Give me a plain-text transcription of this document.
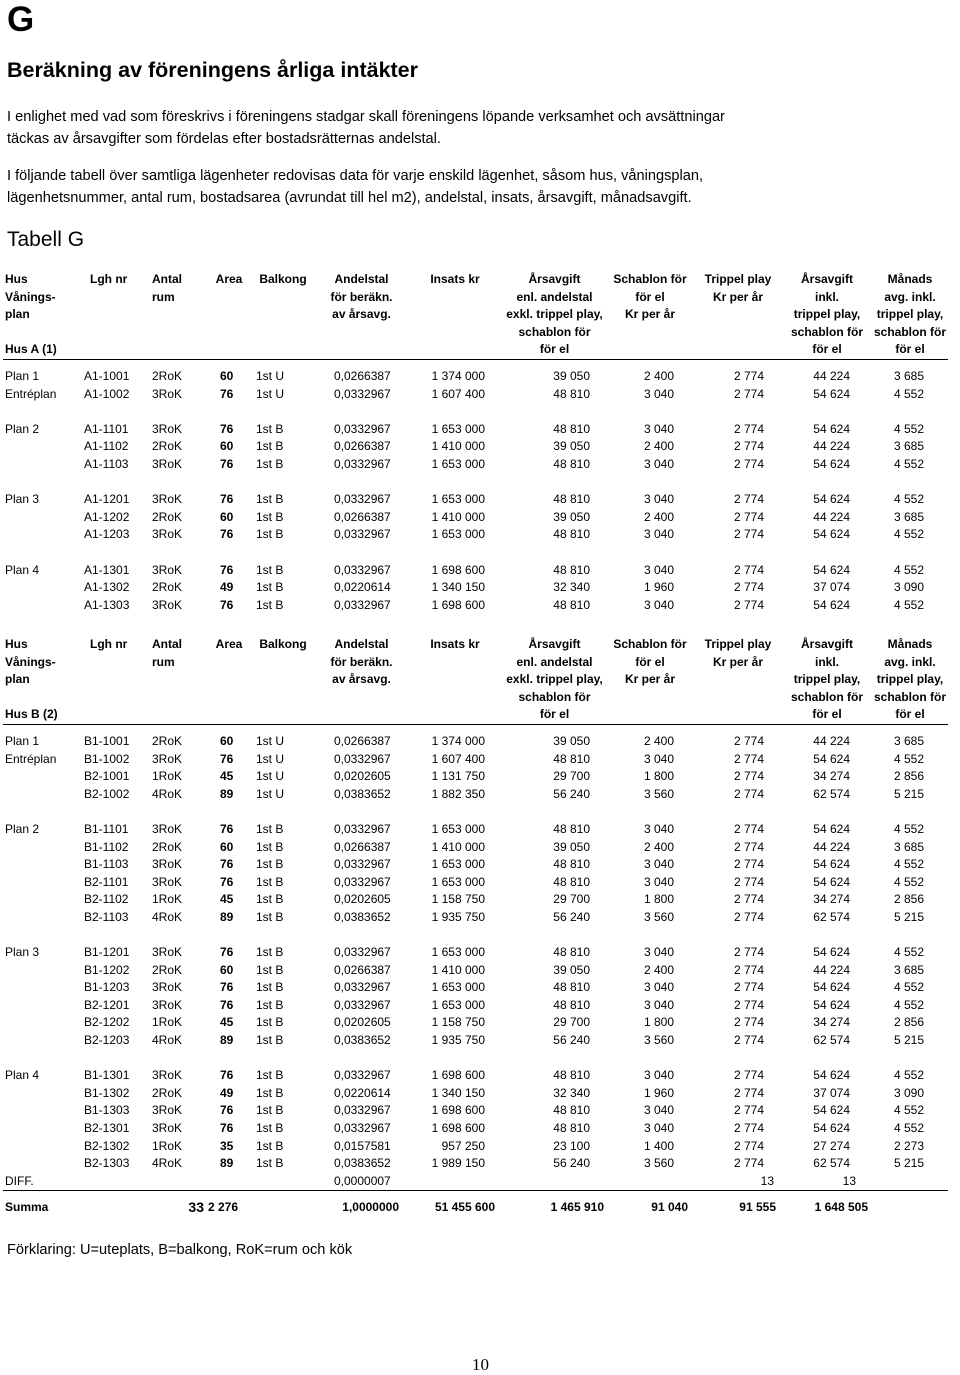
G
Beräkning av föreningens årliga intäkter
I enlighet med vad som föreskrivs i föreningens stadgar skall föreningens löpande verksamhet och avsättningar
täckas av årsavgifter som fördelas efter bostadsrätternas andelstal.
I följande tabell över samtliga lägenheter redovisas data för varje enskild lägenhet, såsom hus, våningsplan,
lägenhetsnummer, antal rum, bostadsarea (avrundat till hel m2), andelstal, insats, årsavgift, månadsavgift.
Tabell G
Hus	Lgh nr	Antal	Area	Balkong	Andelstal	Insats kr	Årsavgift	Schablon för	Trippel play	Årsavgift	Månads
Vånings-		rum			för beräkn.		enl. andelstal	för el	Kr per år	inkl.	avg. inkl.
plan					av årsavg.		exkl. trippel play,	Kr per år		trippel play,	trippel play,
							schablon för			schablon för	schablon för
Hus A (1)							för el			för el	för el

Plan 1	A1-1001	2RoK	60	1st U	0,0266387	1 374 000	39 050	2 400	2 774	44 224	3 685
Entréplan	A1-1002	3RoK	76	1st U	0,0332967	1 607 400	48 810	3 040	2 774	54 624	4 552

Plan 2	A1-1101	3RoK	76	1st B	0,0332967	1 653 000	48 810	3 040	2 774	54 624	4 552
	A1-1102	2RoK	60	1st B	0,0266387	1 410 000	39 050	2 400	2 774	44 224	3 685
	A1-1103	3RoK	76	1st B	0,0332967	1 653 000	48 810	3 040	2 774	54 624	4 552

Plan 3	A1-1201	3RoK	76	1st B	0,0332967	1 653 000	48 810	3 040	2 774	54 624	4 552
	A1-1202	2RoK	60	1st B	0,0266387	1 410 000	39 050	2 400	2 774	44 224	3 685
	A1-1203	3RoK	76	1st B	0,0332967	1 653 000	48 810	3 040	2 774	54 624	4 552

Plan 4	A1-1301	3RoK	76	1st B	0,0332967	1 698 600	48 810	3 040	2 774	54 624	4 552
	A1-1302	2RoK	49	1st B	0,0220614	1 340 150	32 340	1 960	2 774	37 074	3 090
	A1-1303	3RoK	76	1st B	0,0332967	1 698 600	48 810	3 040	2 774	54 624	4 552
Hus	Lgh nr	Antal	Area	Balkong	Andelstal	Insats kr	Årsavgift	Schablon för	Trippel play	Årsavgift	Månads
Vånings-		rum			för beräkn.		enl. andelstal	för el	Kr per år	inkl.	avg. inkl.
plan					av årsavg.		exkl. trippel play,	Kr per år		trippel play,	trippel play,
							schablon för			schablon för	schablon för
Hus B (2)							för el			för el	för el

Plan 1	B1-1001	2RoK	60	1st U	0,0266387	1 374 000	39 050	2 400	2 774	44 224	3 685
Entréplan	B1-1002	3RoK	76	1st U	0,0332967	1 607 400	48 810	3 040	2 774	54 624	4 552
	B2-1001	1RoK	45	1st U	0,0202605	1 131 750	29 700	1 800	2 774	34 274	2 856
	B2-1002	4RoK	89	1st U	0,0383652	1 882 350	56 240	3 560	2 774	62 574	5 215

Plan 2	B1-1101	3RoK	76	1st B	0,0332967	1 653 000	48 810	3 040	2 774	54 624	4 552
	B1-1102	2RoK	60	1st B	0,0266387	1 410 000	39 050	2 400	2 774	44 224	3 685
	B1-1103	3RoK	76	1st B	0,0332967	1 653 000	48 810	3 040	2 774	54 624	4 552
	B2-1101	3RoK	76	1st B	0,0332967	1 653 000	48 810	3 040	2 774	54 624	4 552
	B2-1102	1RoK	45	1st B	0,0202605	1 158 750	29 700	1 800	2 774	34 274	2 856
	B2-1103	4RoK	89	1st B	0,0383652	1 935 750	56 240	3 560	2 774	62 574	5 215

Plan 3	B1-1201	3RoK	76	1st B	0,0332967	1 653 000	48 810	3 040	2 774	54 624	4 552
	B1-1202	2RoK	60	1st B	0,0266387	1 410 000	39 050	2 400	2 774	44 224	3 685
	B1-1203	3RoK	76	1st B	0,0332967	1 653 000	48 810	3 040	2 774	54 624	4 552
	B2-1201	3RoK	76	1st B	0,0332967	1 653 000	48 810	3 040	2 774	54 624	4 552
	B2-1202	1RoK	45	1st B	0,0202605	1 158 750	29 700	1 800	2 774	34 274	2 856
	B2-1203	4RoK	89	1st B	0,0383652	1 935 750	56 240	3 560	2 774	62 574	5 215

Plan 4	B1-1301	3RoK	76	1st B	0,0332967	1 698 600	48 810	3 040	2 774	54 624	4 552
	B1-1302	2RoK	49	1st B	0,0220614	1 340 150	32 340	1 960	2 774	37 074	3 090
	B1-1303	3RoK	76	1st B	0,0332967	1 698 600	48 810	3 040	2 774	54 624	4 552
	B2-1301	3RoK	76	1st B	0,0332967	1 698 600	48 810	3 040	2 774	54 624	4 552
	B2-1302	1RoK	35	1st B	0,0157581	957 250	23 100	1 400	2 774	27 274	2 273
	B2-1303	4RoK	89	1st B	0,0383652	1 989 150	56 240	3 560	2 774	62 574	5 215
DIFF.					0,0000007				13	13	

Summa		33	2 276		1,0000000	51 455 600	1 465 910	91 040	91 555	1 648 505	
Förklaring: U=uteplats, B=balkong, RoK=rum och kök
10
